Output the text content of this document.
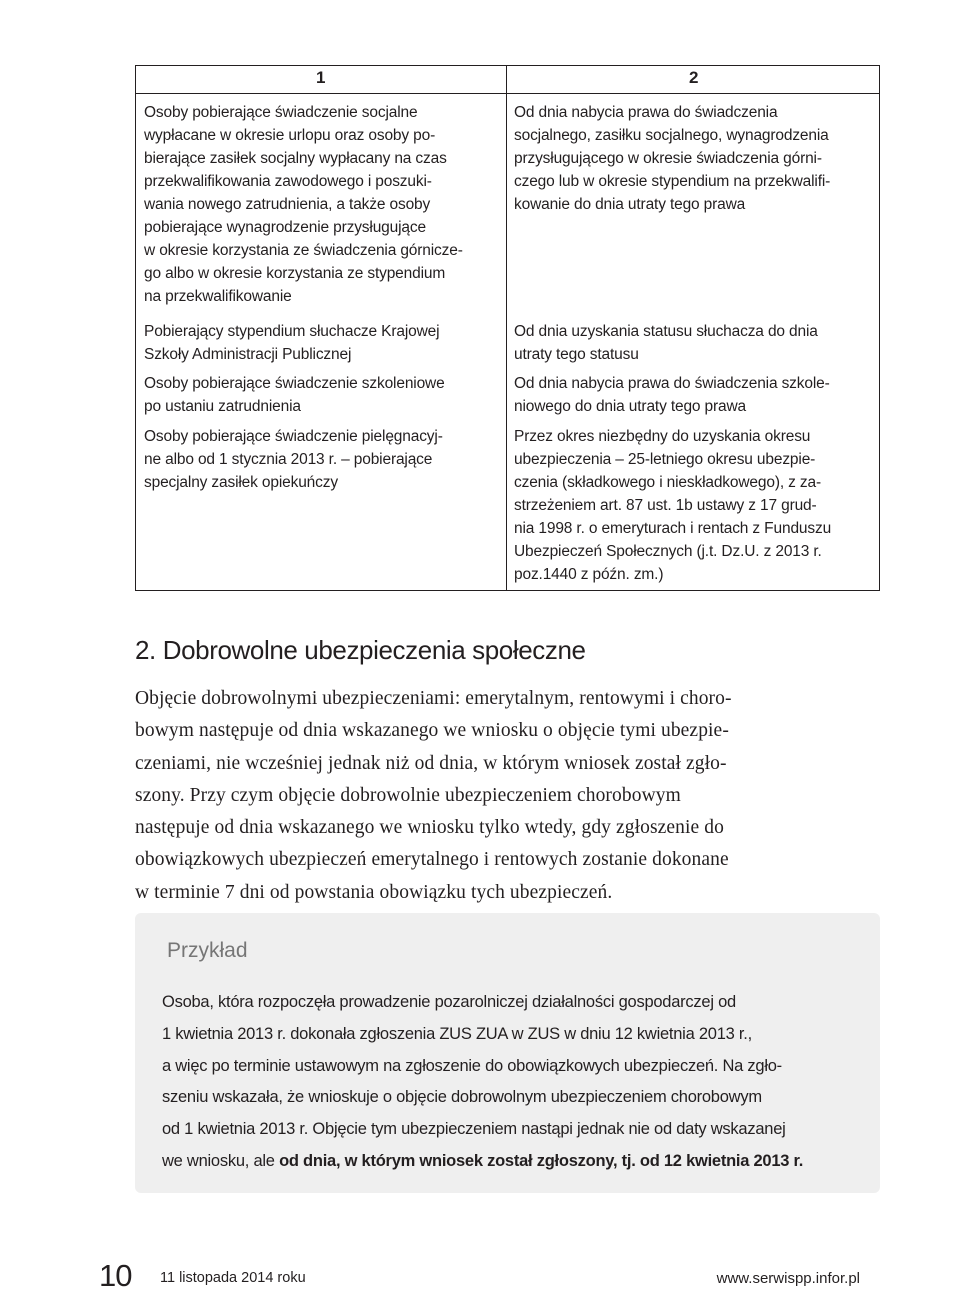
1	2

Osoby pobierające świadczenie socjalne
wypłacane w okresie urlopu oraz osoby po-
bierające zasiłek socjalny wypłacany na czas
przekwalifikowania zawodowego i poszuki-
wania nowego zatrudnienia, a także osoby
pobierające wynagrodzenie przysługujące
w okresie korzystania ze świadczenia górnicze-
go albo w okresie korzystania ze stypendium
na przekwalifikowanie

Od dnia nabycia prawa do świadczenia
socjalnego, zasiłku socjalnego, wynagrodzenia
przysługującego w okresie świadczenia górni-
czego lub w okresie stypendium na przekwalifi-
kowanie do dnia utraty tego prawa

Pobierający stypendium słuchacze Krajowej
Szkoły Administracji Publicznej

Od dnia uzyskania statusu słuchacza do dnia
utraty tego statusu

Osoby pobierające świadczenie szkoleniowe
po ustaniu zatrudnienia

Od dnia nabycia prawa do świadczenia szkole-
niowego do dnia utraty tego prawa

Osoby pobierające świadczenie pielęgnacyj-
ne albo od 1 stycznia 2013 r. – pobierające
specjalny zasiłek opiekuńczy

Przez okres niezbędny do uzyskania okresu
ubezpieczenia – 25-letniego okresu ubezpie-
czenia (składkowego i nieskładkowego), z za-
strzeżeniem art. 87 ust. 1b ustawy z 17 grud-
nia 1998 r. o emeryturach i rentach z Funduszu
Ubezpieczeń Społecznych (j.t. Dz.U. z 2013 r.
poz.1440 z późn. zm.)

2. Dobrowolne ubezpieczenia społeczne

Objęcie dobrowolnymi ubezpieczeniami: emerytalnym, rentowymi i choro-
bowym następuje od dnia wskazanego we wniosku o objęcie tymi ubezpie-
czeniami, nie wcześniej jednak niż od dnia, w którym wniosek został zgło-
szony. Przy czym objęcie dobrowolnie ubezpieczeniem chorobowym
następuje od dnia wskazanego we wniosku tylko wtedy, gdy zgłoszenie do
obowiązkowych ubezpieczeń emerytalnego i rentowych zostanie dokonane
w terminie 7 dni od powstania obowiązku tych ubezpieczeń.

Przykład

Osoba, która rozpoczęła prowadzenie pozarolniczej działalności gospodarczej od
1 kwietnia 2013 r. dokonała zgłoszenia ZUS ZUA w ZUS w dniu 12 kwietnia 2013 r.,
a więc po terminie ustawowym na zgłoszenie do obowiązkowych ubezpieczeń. Na zgło-
szeniu wskazała, że wnioskuje o objęcie dobrowolnym ubezpieczeniem chorobowym
od 1 kwietnia 2013 r. Objęcie tym ubezpieczeniem nastąpi jednak nie od daty wskazanej
we wniosku, ale od dnia, w którym wniosek został zgłoszony, tj. od 12 kwietnia 2013 r.

10 11 listopada 2014 roku	www.serwispp.infor.pl
